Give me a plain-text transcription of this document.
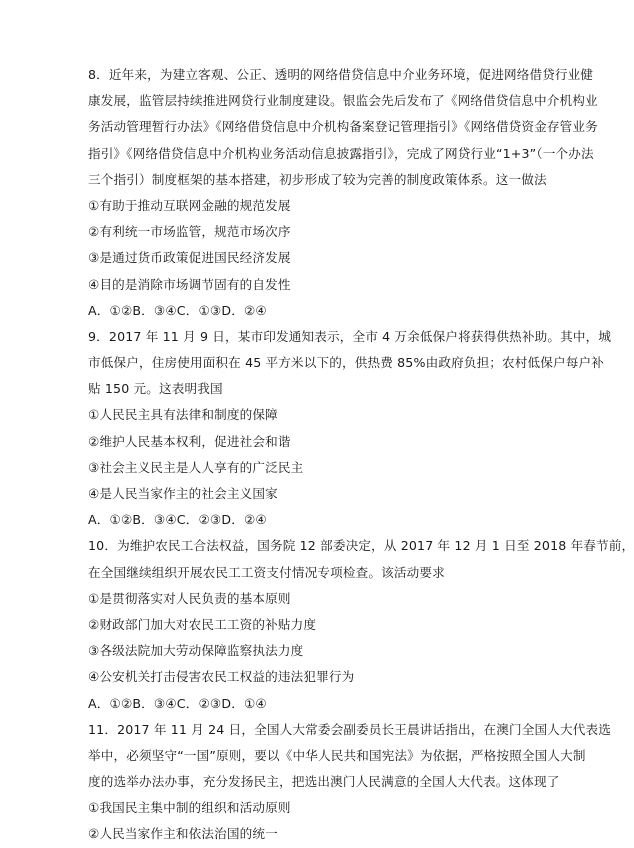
8．近年来，为建立客观、公正、透明的网络借贷信息中介业务环境，促进网络借贷行业健
康发展，监管层持续推进网贷行业制度建设。银监会先后发布了《网络借贷信息中介机构业
务活动管理暂行办法》《网络借贷信息中介机构备案登记管理指引》《网络借贷资金存管业务
指引》《网络借贷信息中介机构业务活动信息披露指引》，完成了网贷行业“1+3”（一个办法
三个指引）制度框架的基本搭建，初步形成了较为完善的制度政策体系。这一做法
①有助于推动互联网金融的规范发展
②有利统一市场监管，规范市场次序
③是通过货币政策促进国民经济发展
④目的是消除市场调节固有的自发性
A．①②B．③④C．①③D．②④
9．2017 年 11 月 9 日，某市印发通知表示，全市 4 万余低保户将获得供热补助。其中，城
市低保户，住房使用面积在 45 平方米以下的，供热费 85%由政府负担；农村低保户每户补
贴 150 元。这表明我国
①人民民主具有法律和制度的保障
②维护人民基本权利，促进社会和谐
③社会主义民主是人人享有的广泛民主
④是人民当家作主的社会主义国家
A．①②B．③④C．②③D．②④
10．为维护农民工合法权益，国务院 12 部委决定，从 2017 年 12 月 1 日至 2018 年春节前，
在全国继续组织开展农民工工资支付情况专项检查。该活动要求
①是贯彻落实对人民负责的基本原则
②财政部门加大对农民工工资的补贴力度
③各级法院加大劳动保障监察执法力度
④公安机关打击侵害农民工权益的违法犯罪行为
A．①②B．③④C．②③D．①④
11．2017 年 11 月 24 日，全国人大常委会副委员长王晨讲话指出，在澳门全国人大代表选
举中，必须坚守“一国”原则，要以《中华人民共和国宪法》为依据，严格按照全国人大制
度的选举办法办事，充分发扬民主，把选出澳门人民满意的全国人大代表。这体现了
①我国民主集中制的组织和活动原则
②人民当家作主和依法治国的统一
